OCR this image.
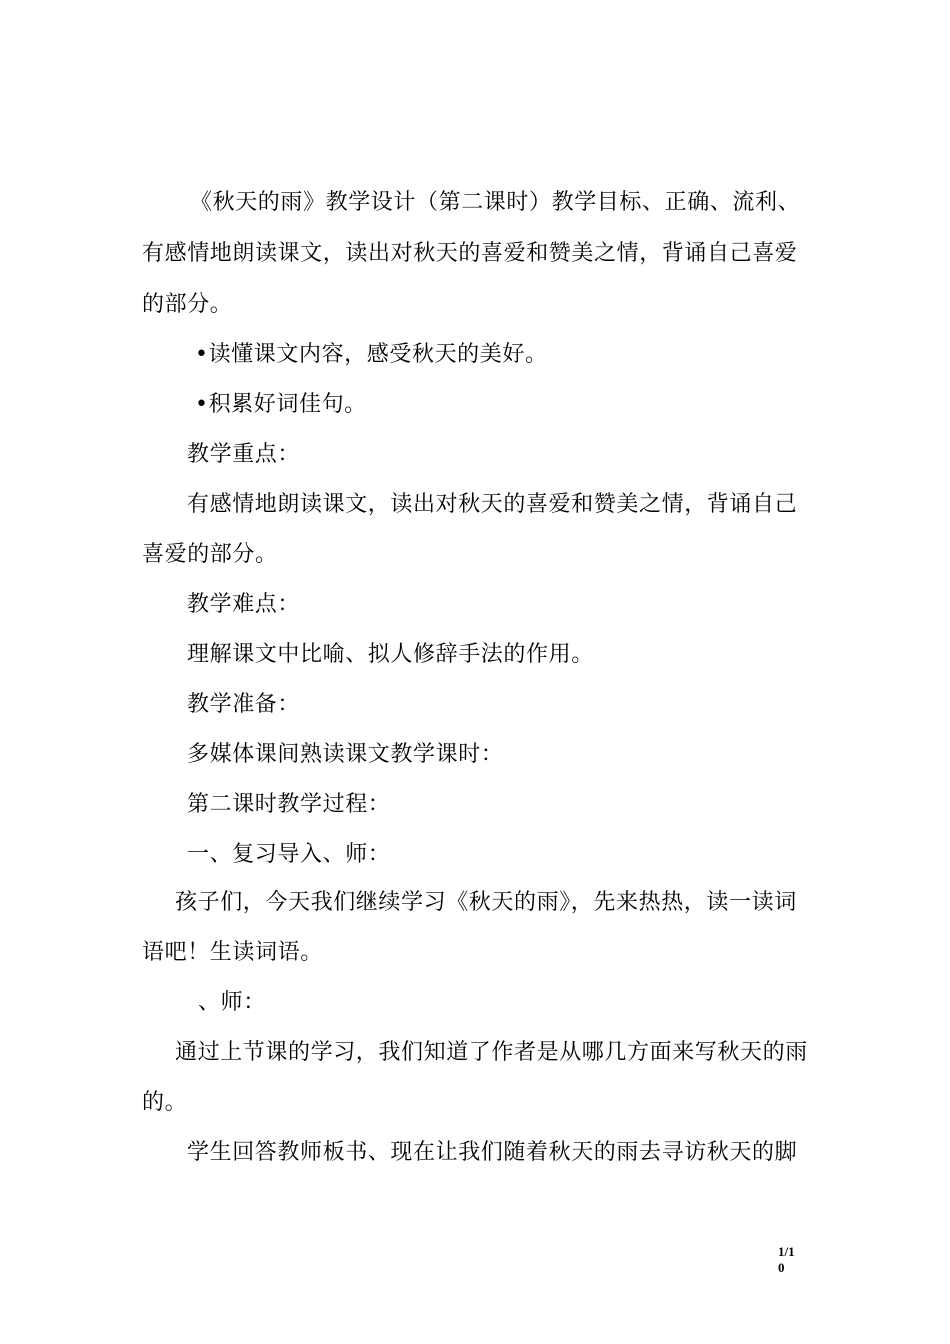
《秋天的雨》教学设计（第二课时）教学目标、正确、流利、
有感情地朗读课文，读出对秋天的喜爱和赞美之情，背诵自己喜爱
的部分。
•读懂课文内容，感受秋天的美好。
•积累好词佳句。
教学重点：
有感情地朗读课文，读出对秋天的喜爱和赞美之情，背诵自己
喜爱的部分。
教学难点：
理解课文中比喻、拟人修辞手法的作用。
教学准备：
多媒体课间熟读课文教学课时：
第二课时教学过程：
一、复习导入、师：
孩子们，今天我们继续学习《秋天的雨》，先来热热，读一读词
语吧！生读词语。
、师：
通过上节课的学习，我们知道了作者是从哪几方面来写秋天的雨
的。
学生回答教师板书、现在让我们随着秋天的雨去寻访秋天的脚
1/1
0
